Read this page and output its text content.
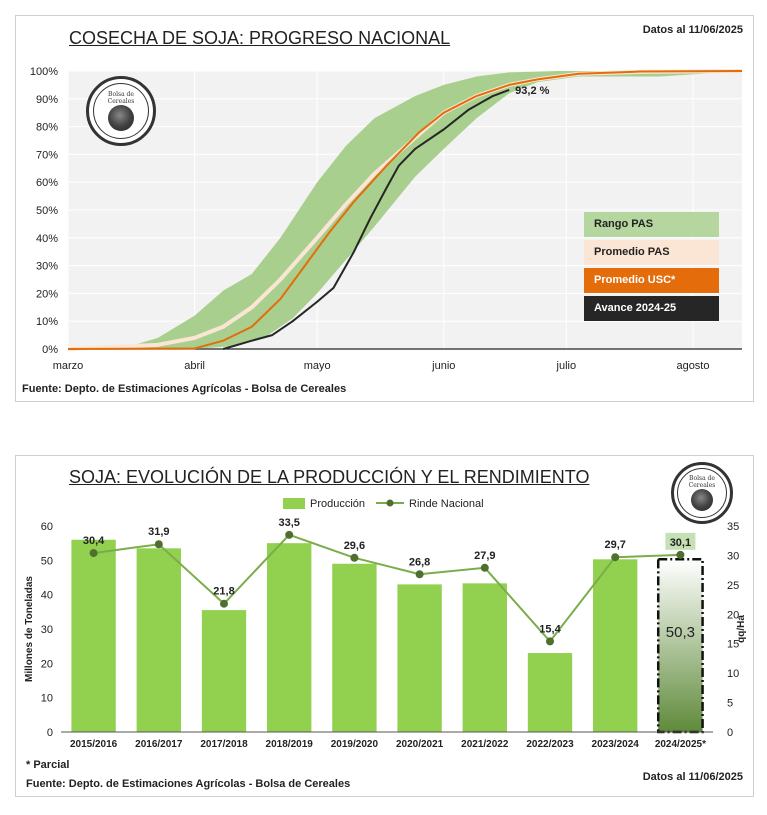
COSECHA DE SOJA: PROGRESO NACIONAL	Datos al 11/06/2025
0%
10%
20%
30%
40%
50%
60%
70%
80%
90%
100%
marzo	abril	mayo	junio	julio	agosto
93,2 %
Bolsa de Cereales
Rango PAS
Promedio PAS
Promedio USC*
Avance 2024-25
Fuente: Depto. de Estimaciones Agrícolas - Bolsa de Cereales
SOJA: EVOLUCIÓN DE LA PRODUCCIÓN Y EL RENDIMIENTO
Producción	Rinde Nacional
0
10
20
30
40
50
60
0
5
10
15
20
25
30
35
Millones de Toneladas	qq/Ha
50,3
2015/2016 2016/2017 2017/2018 2018/2019 2019/2020 2020/2021 2021/2022 2022/2023 2023/2024 2024/2025*
30,4
31,9
21,8
33,5
29,6
26,8
27,9
15,4
29,7	30,1
Bolsa de Cereales
* Parcial
Datos al 11/06/2025
Fuente: Depto. de Estimaciones Agrícolas - Bolsa de Cereales
